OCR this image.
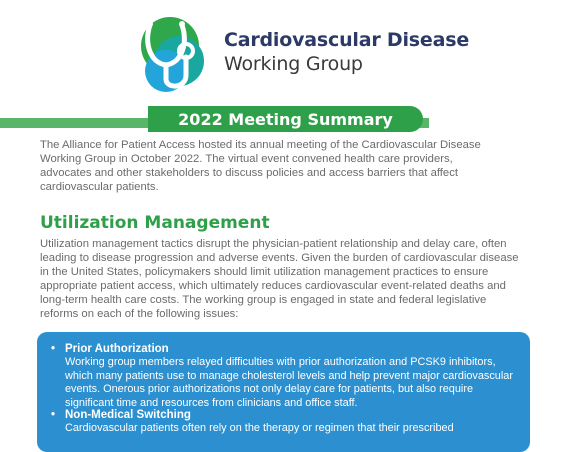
Cardiovascular Disease
Working Group
2022 Meeting Summary

The Alliance for Patient Access hosted its annual meeting of the Cardiovascular Disease Working Group in October 2022. The virtual event convened health care providers, advocates and other stakeholders to discuss policies and access barriers that affect cardiovascular patients.

Utilization Management

Utilization management tactics disrupt the physician-patient relationship and delay care, often leading to disease progression and adverse events. Given the burden of cardiovascular disease in the United States, policymakers should limit utilization management practices to ensure appropriate patient access, which ultimately reduces cardiovascular event-related deaths and long-term health care costs. The working group is engaged in state and federal legislative reforms on each of the following issues:

• Prior Authorization
Working group members relayed difficulties with prior authorization and PCSK9 inhibitors, which many patients use to manage cholesterol levels and help prevent major cardiovascular events. Onerous prior authorizations not only delay care for patients, but also require significant time and resources from clinicians and office staff.
• Non-Medical Switching
Cardiovascular patients often rely on the therapy or regimen that their prescribed
